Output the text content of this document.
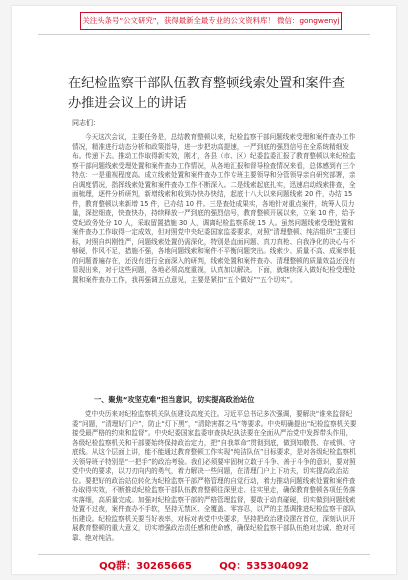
关注头条号“公文研究”，获得最新全最专业的公文资料库！ 微信：gongwenyj
在纪检监察干部队伍教育整顿线索处置和案件查办推进会议上的讲话
同志们：

今天这次会议，主要任务是，总结教育整顿以来，纪检监察干部问题线索受理和案件查办工作情况，精准进行动态分析和政策指导，进一步把功高提速，一严到底的强烈信号在全系统精细发布。传递下去。推动工作取得新实效，刚才，各县（市、区）纪委监委汇报了教育整顿以来纪检监察干部问题线索受理处置和案件查办工作情况，从各地汇报和督导检查情况来看，总体感到有三个特点：一是重视程度高。成立线索处置和案件查办工作专班主要领导和分管领导亲自研究部署，亲自调度情况，指挥线索处置和案件查办工作不断深入。二是线索起底扎实，迅速启动线索排查，全面梳理，逐件分析研判，新增线索和收到办快办快结，起底十八大以来问题线索 20 件，办结 15 件，教育整顿以来新增 15 件，已办结 10 件。三是查处成果实，各地针对重点案件，统筹人员力量，深挖细查，快查快办，持续释放一严到底的强烈信号，教育整顿开展以来，立案 10 件，给予党纪政务处分 10 人，采取留置措施 30 人，调离纪检监察系统 15 人。虽然问题线索受理处置和案件查办工作取得一定成效，但对照党中央纪委国家监委要求，对照“清理整顿、纯洁组织”主要目标，对照自纠刚性严，问题线索处置仍需深化，特别是直面问题、真刀真枪、自我净化的决心与不够硬，作风不足，措施不强，各地问题线索和案件不平衡问题突出。线索少、质量不高、成案率低的问题普遍存在，还没有进行全面深入的研判，线索处置和案件查办、清理整顿的质量效益还没有显现出来，对于这些问题，各地必须高度重视，认真加以解决。下面，就继续深入做好纪检受理处置和案件查办工作，我再强调五点意见，主要是紧扣“五个做好”“五个切实”。

一、聚焦“攻坚克难”担当意识，切实提高政治站位

党中央历来对纪检监察机关队伍建设高度关注。习近平总书记多次强调，要解决“谁来监督纪委”问题，“清理好门户”，防止“灯下黑”，“清除害群之马”等要求。中央明确提出“纪检监察机关要接受最严格的约束和监督”。中央纪委国家监委审查执纪执法要在全面从严治党中发挥带头作用，各级纪检监察机关和干部要始终保持政治定力，把“自我革命”贯彻到底，做到知敬畏、存戒惧、守底线。从这个层面上讲，能不能通过教育整顿工作实现“纯洁队伍”目标要求，是对各级纪检监察机关领导班子特别是“一把手”的政治考验。我们必须要牢固树立敢于斗争、善于斗争的意识，要对照党中央的要求，以刀刃向内的勇气，着力解决一些问题，在清理门户上下功夫，切实提高政治站位。要把好的政治站位转化为纪检监察干部严格管理的自觉行动，着力推动问题线索处置和案件查办取得实效，不断推动纪检监察干部队伍教育整顿往深里走、往实里走，确保教育整顿各项任务落实落细，高质量完成。加强对纪检监察干部的严格管理监督，要敢于动真碰硬，切实做到问题线索处置不过夜，案件查办不手软，坚持无禁区、全覆盖、零容忍，以严的主基调推进纪检监察干部队伍建设。纪检监察机关要当好表率，对标对表党中央要求，坚持把政治建设摆在首位，深刻认识开展教育整顿的重大意义，切实增强政治责任感和使命感，确保纪检监察干部队伍绝对忠诚、绝对可靠、绝对纯洁。

QQ群：30265665	QQ：535304092
